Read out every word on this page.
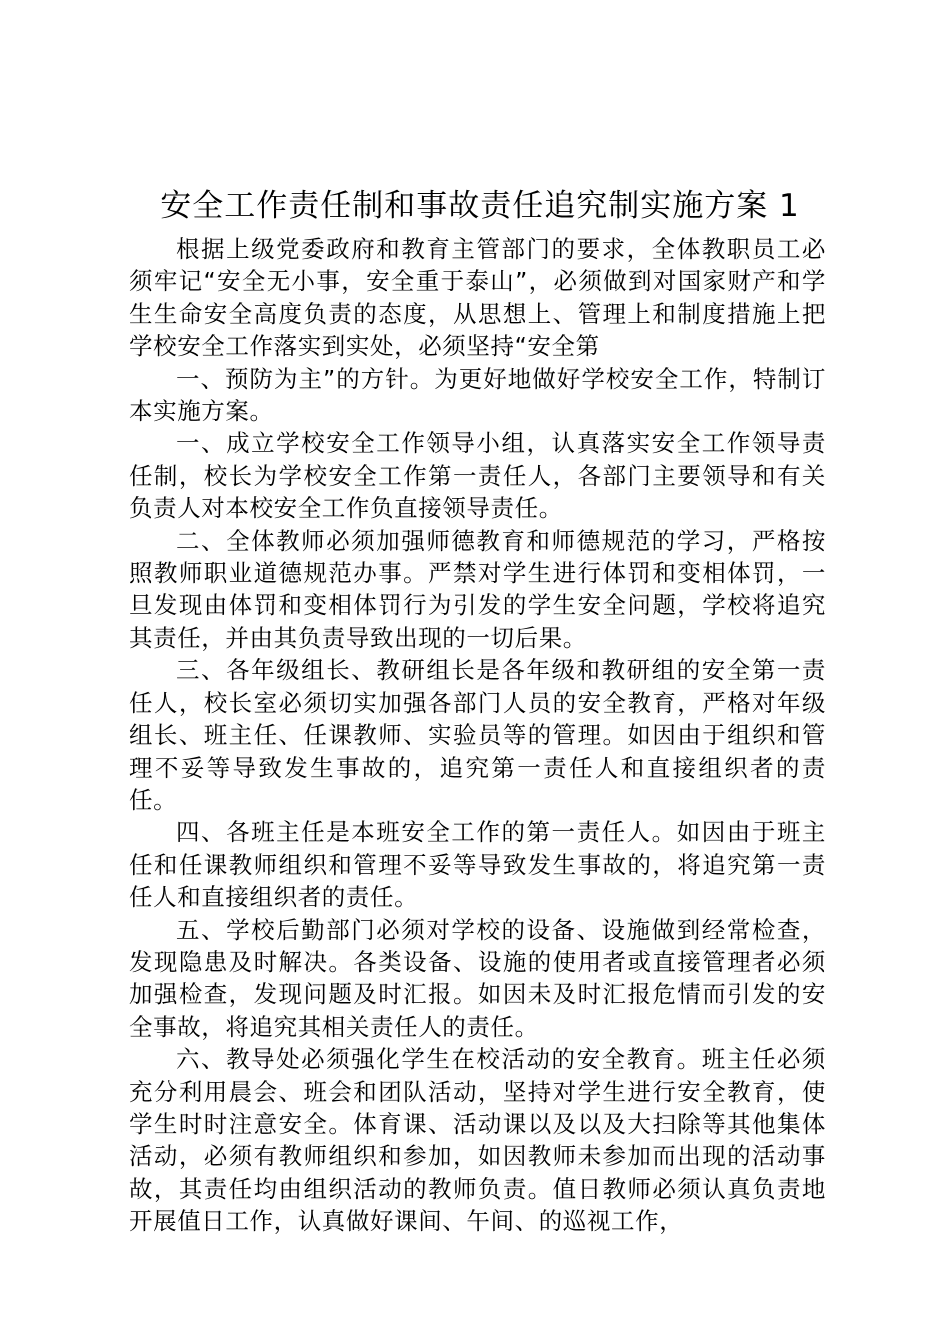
安全工作责任制和事故责任追究制实施方案 1

根据上级党委政府和教育主管部门的要求，全体教职员工必须牢记“安全无小事，安全重于泰山”，必须做到对国家财产和学生生命安全高度负责的态度，从思想上、管理上和制度措施上把学校安全工作落实到实处，必须坚持“安全第

一、预防为主”的方针。为更好地做好学校安全工作，特制订本实施方案。

一、成立学校安全工作领导小组，认真落实安全工作领导责任制，校长为学校安全工作第一责任人，各部门主要领导和有关负责人对本校安全工作负直接领导责任。

二、全体教师必须加强师德教育和师德规范的学习，严格按照教师职业道德规范办事。严禁对学生进行体罚和变相体罚，一旦发现由体罚和变相体罚行为引发的学生安全问题，学校将追究其责任，并由其负责导致出现的一切后果。

三、各年级组长、教研组长是各年级和教研组的安全第一责任人，校长室必须切实加强各部门人员的安全教育，严格对年级组长、班主任、任课教师、实验员等的管理。如因由于组织和管理不妥等导致发生事故的，追究第一责任人和直接组织者的责任。

四、各班主任是本班安全工作的第一责任人。如因由于班主任和任课教师组织和管理不妥等导致发生事故的，将追究第一责任人和直接组织者的责任。

五、学校后勤部门必须对学校的设备、设施做到经常检查，发现隐患及时解决。各类设备、设施的使用者或直接管理者必须加强检查，发现问题及时汇报。如因未及时汇报危情而引发的安全事故，将追究其相关责任人的责任。

六、教导处必须强化学生在校活动的安全教育。班主任必须充分利用晨会、班会和团队活动，坚持对学生进行安全教育，使学生时时注意安全。体育课、活动课以及以及大扫除等其他集体活动，必须有教师组织和参加，如因教师未参加而出现的活动事故，其责任均由组织活动的教师负责。值日教师必须认真负责地开展值日工作，认真做好课间、午间、的巡视工作，
